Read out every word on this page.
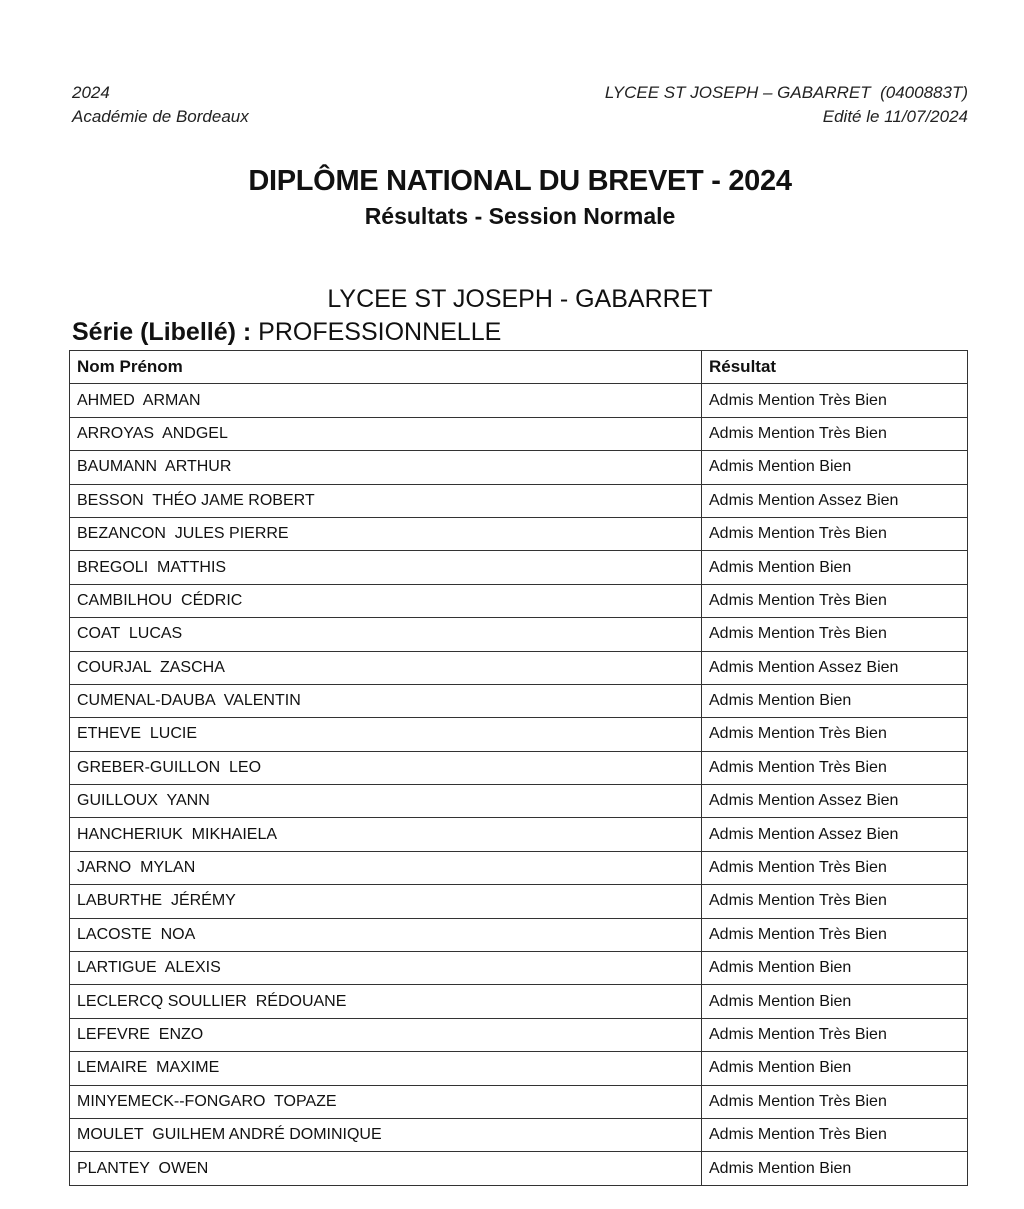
2024
Académie de Bordeaux
LYCEE ST JOSEPH – GABARRET  (0400883T)
Edité le 11/07/2024
DIPLÔME NATIONAL DU BREVET - 2024
Résultats - Session Normale
LYCEE ST JOSEPH - GABARRET
Série (Libellé) : PROFESSIONNELLE
Nom Prénom	Résultat
AHMED  ARMAN	Admis Mention Très Bien
ARROYAS  ANDGEL	Admis Mention Très Bien
BAUMANN  ARTHUR	Admis Mention Bien
BESSON  THÉO JAME ROBERT	Admis Mention Assez Bien
BEZANCON  JULES PIERRE	Admis Mention Très Bien
BREGOLI  MATTHIS	Admis Mention Bien
CAMBILHOU  CÉDRIC	Admis Mention Très Bien
COAT  LUCAS	Admis Mention Très Bien
COURJAL  ZASCHA	Admis Mention Assez Bien
CUMENAL-DAUBA  VALENTIN	Admis Mention Bien
ETHEVE  LUCIE	Admis Mention Très Bien
GREBER-GUILLON  LEO	Admis Mention Très Bien
GUILLOUX  YANN	Admis Mention Assez Bien
HANCHERIUK  MIKHAIELA	Admis Mention Assez Bien
JARNO  MYLAN	Admis Mention Très Bien
LABURTHE  JÉRÉMY	Admis Mention Très Bien
LACOSTE  NOA	Admis Mention Très Bien
LARTIGUE  ALEXIS	Admis Mention Bien
LECLERCQ SOULLIER  RÉDOUANE	Admis Mention Bien
LEFEVRE  ENZO	Admis Mention Très Bien
LEMAIRE  MAXIME	Admis Mention Bien
MINYEMECK--FONGARO  TOPAZE	Admis Mention Très Bien
MOULET  GUILHEM ANDRÉ DOMINIQUE	Admis Mention Très Bien
PLANTEY  OWEN	Admis Mention Bien
